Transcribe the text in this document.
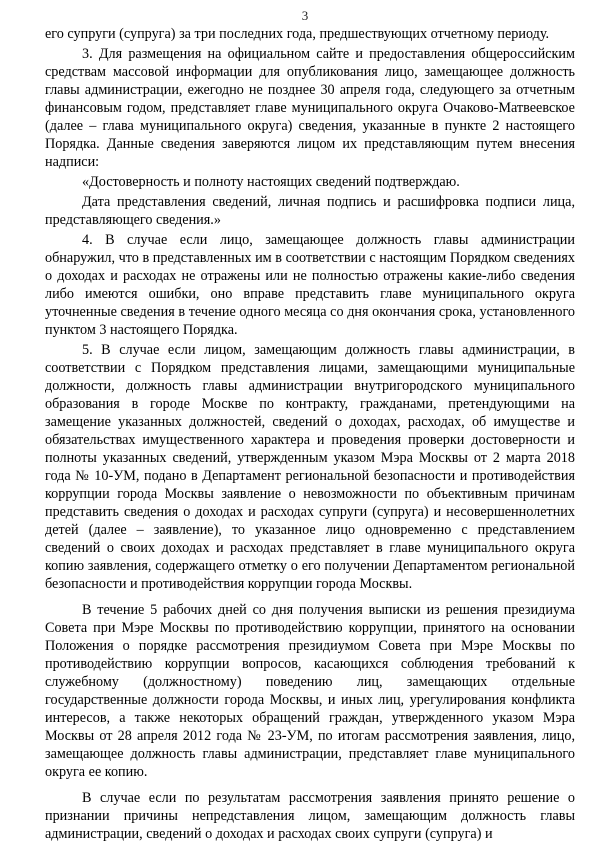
3

его супруги (супруга) за три последних года, предшествующих отчетному периоду.

3. Для размещения на официальном сайте и предоставления общероссийским средствам массовой информации для опубликования лицо, замещающее должность главы администрации, ежегодно не позднее 30 апреля года, следующего за отчетным финансовым годом, представляет главе муниципального округа Очаково-Матвеевское (далее – глава муниципального округа) сведения, указанные в пункте 2 настоящего Порядка. Данные сведения заверяются лицом их представляющим путем внесения надписи:

«Достоверность и полноту настоящих сведений подтверждаю.

Дата представления сведений, личная подпись и расшифровка подписи лица, представляющего сведения.»

4. В случае если лицо, замещающее должность главы администрации обнаружил, что в представленных им в соответствии с настоящим Порядком сведениях о доходах и расходах не отражены или не полностью отражены какие-либо сведения либо имеются ошибки, оно вправе представить главе муниципального округа уточненные сведения в течение одного месяца со дня окончания срока, установленного пунктом 3 настоящего Порядка.

5. В случае если лицом, замещающим должность главы администрации, в соответствии с Порядком представления лицами, замещающими муниципальные должности, должность главы администрации внутригородского муниципального образования в городе Москве по контракту, гражданами, претендующими на замещение указанных должностей, сведений о доходах, расходах, об имуществе и обязательствах имущественного характера и проведения проверки достоверности и полноты указанных сведений, утвержденным указом Мэра Москвы от 2 марта 2018 года № 10-УМ, подано в Департамент региональной безопасности и противодействия коррупции города Москвы заявление о невозможности по объективным причинам представить сведения о доходах и расходах супруги (супруга) и несовершеннолетних детей (далее – заявление), то указанное лицо одновременно с представлением сведений о своих доходах и расходах представляет в главе муниципального округа копию заявления, содержащего отметку о его получении Департаментом региональной безопасности и противодействия коррупции города Москвы.

В течение 5 рабочих дней со дня получения выписки из решения президиума Совета при Мэре Москвы по противодействию коррупции, принятого на основании Положения о порядке рассмотрения президиумом Совета при Мэре Москвы по противодействию коррупции вопросов, касающихся соблюдения требований к служебному (должностному) поведению лиц, замещающих отдельные государственные должности города Москвы, и иных лиц, урегулирования конфликта интересов, а также некоторых обращений граждан, утвержденного указом Мэра Москвы от 28 апреля 2012 года № 23-УМ, по итогам рассмотрения заявления, лицо, замещающее должность главы администрации, представляет главе муниципального округа ее копию.

В случае если по результатам рассмотрения заявления принято решение о признании причины непредставления лицом, замещающим должность главы администрации, сведений о доходах и расходах своих супруги (супруга) и
